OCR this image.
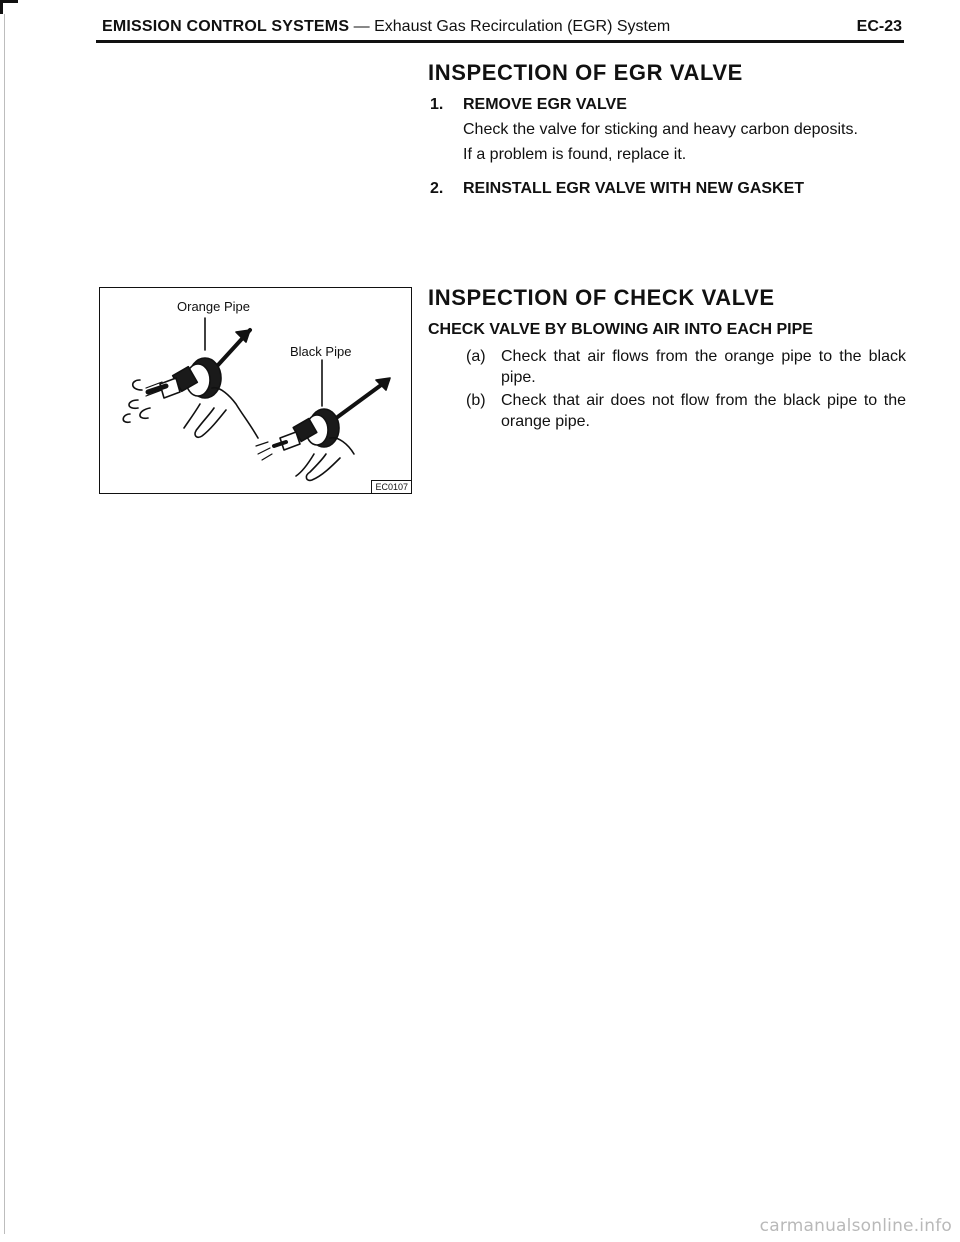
EMISSION CONTROL SYSTEMS — Exhaust Gas Recirculation (EGR) System	EC-23
INSPECTION OF EGR VALVE
1. REMOVE EGR VALVE
Check the valve for sticking and heavy carbon deposits.
If a problem is found, replace it.
2. REINSTALL EGR VALVE WITH NEW GASKET
INSPECTION OF CHECK VALVE
CHECK VALVE BY BLOWING AIR INTO EACH PIPE
(a) Check that air flows from the orange pipe to the black pipe.
(b) Check that air does not flow from the black pipe to the orange pipe.
Orange Pipe
Black Pipe
EC0107
carmanualsonline.info
